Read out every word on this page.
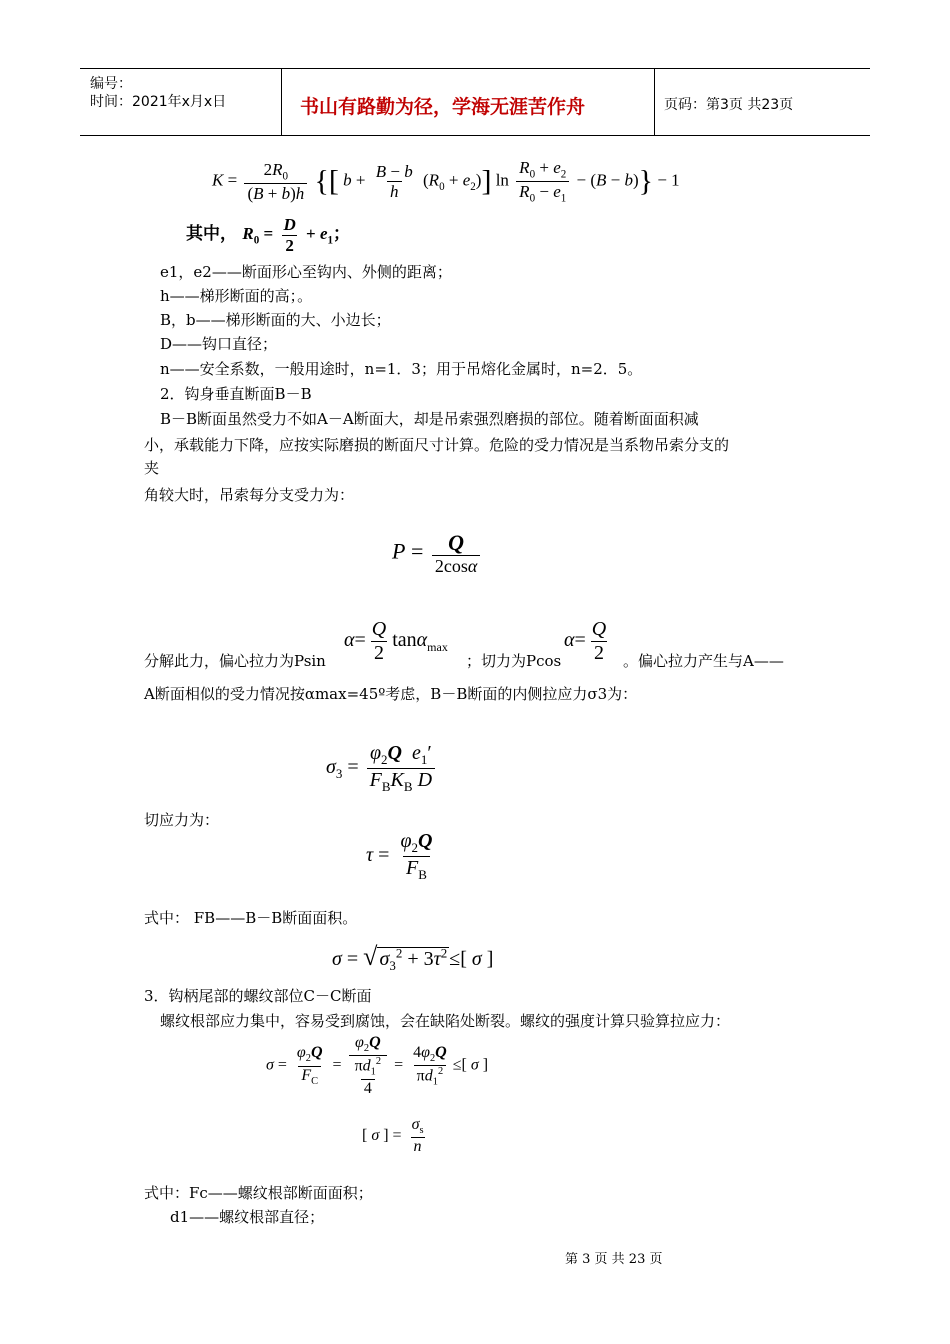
编号：
时间：2021年x月x日	书山有路勤为径，学海无涯苦作舟	页码：第3页 共23页
$K = \frac{2R_0}{(B + b)h}$ {[ $b + \frac{B - b}{h} (R_0 + e_2)$] $\ln \frac{R_0 + e_2}{R_0 - e_1} - (B - b)\} - 1$
其中， $R_0 = \frac{D}{2} + e_1$；
e1，e2——断面形心至钩内、外侧的距离；
h——梯形断面的高；。
B，b——梯形断面的大、小边长；
D——钩口直径；
n——安全系数，一般用途时，n=1．3；用于吊熔化金属时，n=2．5。
2．钩身垂直断面B－B
B－B断面虽然受力不如A－A断面大，却是吊索强烈磨损的部位。随着断面面积减
小，承载能力下降，应按实际磨损的断面尺寸计算。危险的受力情况是当系物吊索分支的
夹
角较大时，吊索每分支受力为：
$P = \frac{Q}{2\cos\alpha}$
分解此力，偏心拉力为Psin
$\alpha= \frac{Q}{2} \tan\alpha_{max}$
；切力为Pcos
$\alpha= \frac{Q}{2}$ 。偏心拉力产生与A——
A断面相似的受力情况按αmax=45º考虑，B－B断面的内侧拉应力σ3为：
$\sigma_3 = \frac{\varphi_2Q e_1'}{F_BK_B D}$
切应力为：
$\tau = \frac{\varphi_2Q}{F_B}$
式中： FB——B－B断面面积。
σ = √ $\sigma_3^2 + 3\tau^2$ ≤[ σ ]
3．钩柄尾部的螺纹部位C－C断面
螺纹根部应力集中，容易受到腐蚀，会在缺陷处断裂。螺纹的强度计算只验算拉应力：
$\sigma = \frac{\varphi_2Q}{F_C} = \frac{\varphi_2Q}{\frac{\pi d_1^2}{4}} = \frac{4\varphi_2Q}{\pi d_1^2}$ ≤[ σ ]
[ σ ] = $\frac{\sigma_s}{n}$
式中：Fc——螺纹根部断面面积；
d1——螺纹根部直径；
第 3 页 共 23 页
